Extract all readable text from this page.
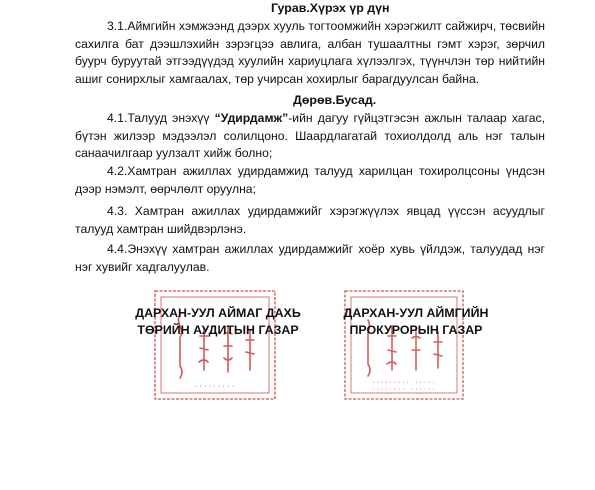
Гурав.Хүрэх үр дүн
3.1.Аймгийн хэмжээнд дээрх хууль тогтоомжийн хэрэгжилт сайжирч, төсвийн сахилга бат дээшлэхийн зэрэгцээ авлига, албан тушаалтны гэмт хэрэг, зөрчил буурч буруутай этгээдүүдэд хуулийн хариуцлага хүлээлгэх, түүнчлэн төр нийтийн ашиг сонирхлыг хамгаалах, төр учирсан хохирлыг барагдуулсан байна.
Дөрөв.Бусад.
4.1.Талууд энэхүү “Удирдамж”-ийн дагуу гүйцэтгэсэн ажлын талаар хагас, бүтэн жилээр мэдээлэл солилцоно. Шаардлагатай тохиолдолд аль нэг талын санаачилгаар уулзалт хийж болно;
4.2.Хамтран ажиллах удирдамжид талууд харилцан тохиролцсоны үндсэн дээр нэмэлт, өөрчлөлт оруулна;
4.3. Хамтран ажиллах удирдамжийг хэрэгжүүлэх явцад үүссэн асуудлыг талууд хамтран шийдвэрлэнэ.
4.4.Энэхүү хамтран ажиллах удирдамжийг хоёр хувь үйлдэж, талуудад нэг нэг хувийг хадгалуулав.
·········	········· ·····
········ ······
ДАРХАН-УУЛ АЙМАГ ДАХЬ
ТӨРИЙН АУДИТЫН ГАЗАР
ДАРХАН-УУЛ АЙМГИЙН
ПРОКУРОРЫН ГАЗАР
